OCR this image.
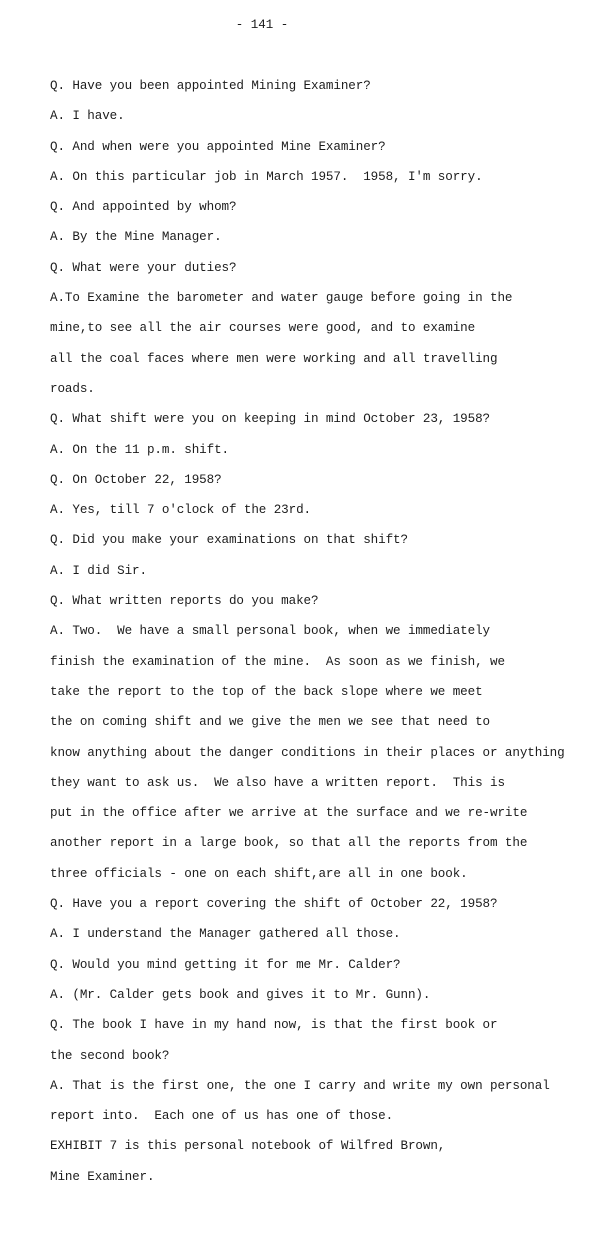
- 141 -
Q. Have you been appointed Mining Examiner?
A. I have.
Q. And when were you appointed Mine Examiner?
A. On this particular job in March 1957.  1958, I'm sorry.
Q. And appointed by whom?
A. By the Mine Manager.
Q. What were your duties?
A.To Examine the barometer and water gauge before going in the
mine,to see all the air courses were good, and to examine
all the coal faces where men were working and all travelling
roads.
Q. What shift were you on keeping in mind October 23, 1958?
A. On the 11 p.m. shift.
Q. On October 22, 1958?
A. Yes, till 7 o'clock of the 23rd.
Q. Did you make your examinations on that shift?
A. I did Sir.
Q. What written reports do you make?
A. Two.  We have a small personal book, when we immediately
finish the examination of the mine.  As soon as we finish, we
take the report to the top of the back slope where we meet
the on coming shift and we give the men we see that need to
know anything about the danger conditions in their places or anything
they want to ask us.  We also have a written report.  This is
put in the office after we arrive at the surface and we re-write
another report in a large book, so that all the reports from the
three officials - one on each shift,are all in one book.
Q. Have you a report covering the shift of October 22, 1958?
A. I understand the Manager gathered all those.
Q. Would you mind getting it for me Mr. Calder?
A. (Mr. Calder gets book and gives it to Mr. Gunn).
Q. The book I have in my hand now, is that the first book or
the second book?
A. That is the first one, the one I carry and write my own personal
report into.  Each one of us has one of those.
EXHIBIT 7 is this personal notebook of Wilfred Brown,
Mine Examiner.
